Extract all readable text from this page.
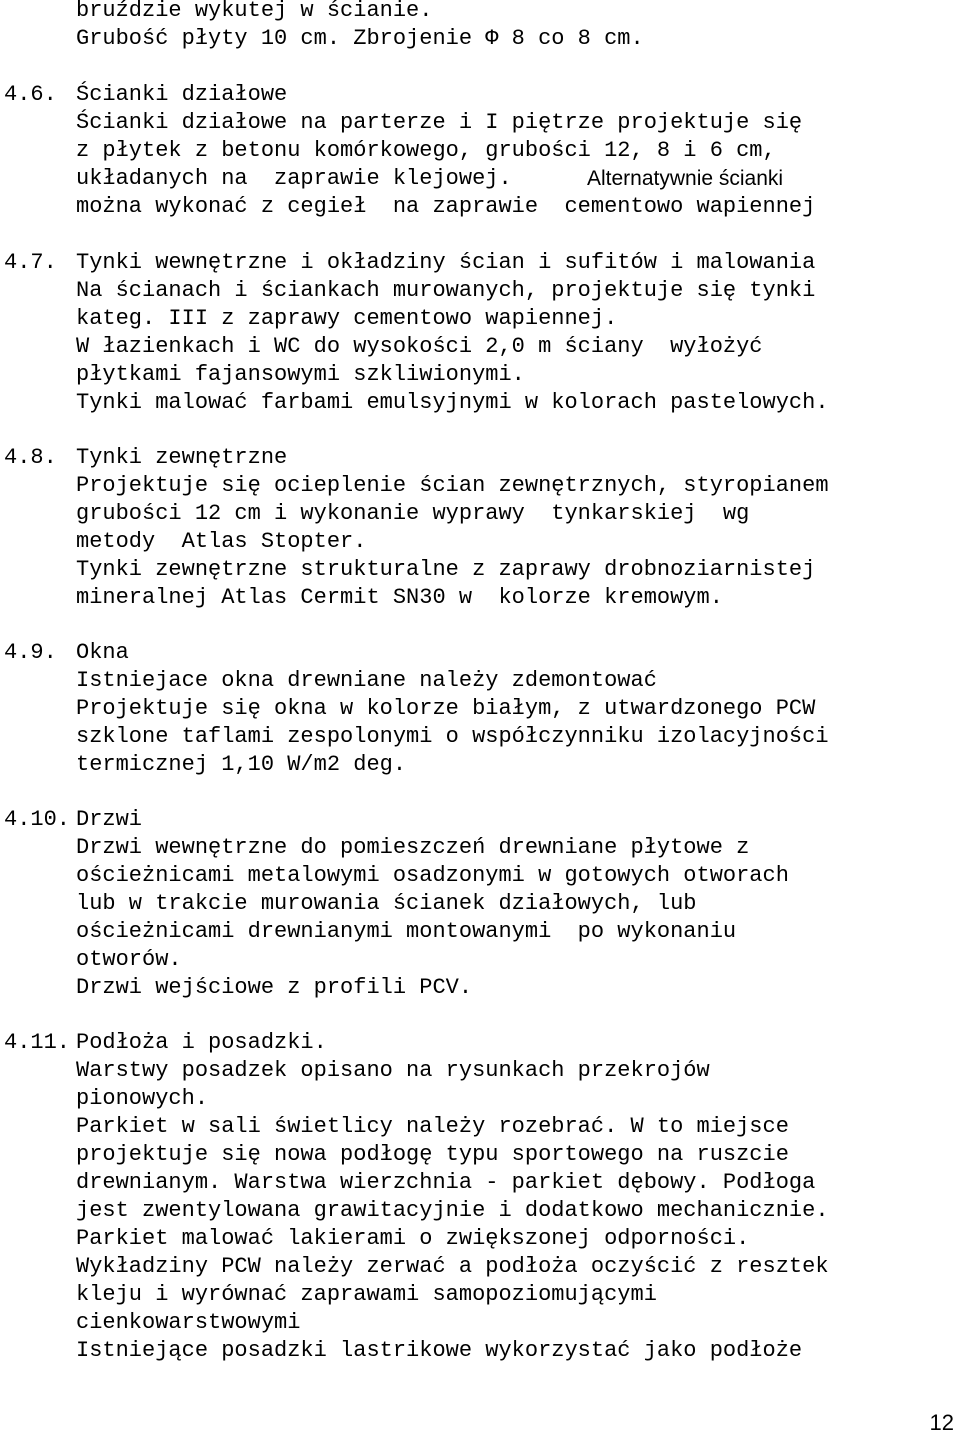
bruździe wykutej w ścianie.

Grubość płyty 10 cm. Zbrojenie Φ 8 co 8 cm.

4.6. Ścianki działowe

Ścianki działowe na parterze i I piętrze projektuje się

z płytek z betonu komórkowego, grubości 12, 8 i 6 cm,

układanych na  zaprawie klejowej.	Alternatywnie ścianki

można wykonać z cegieł  na zaprawie  cementowo wapiennej

4.7. Tynki wewnętrzne i okładziny ścian i sufitów i malowania

Na ścianach i ściankach murowanych, projektuje się tynki

kateg. III z zaprawy cementowo wapiennej.

W łazienkach i WC do wysokości 2,0 m ściany  wyłożyć

płytkami fajansowymi szkliwionymi.

Tynki malować farbami emulsyjnymi w kolorach pastelowych.

4.8. Tynki zewnętrzne

Projektuje się ocieplenie ścian zewnętrznych, styropianem

grubości 12 cm i wykonanie wyprawy  tynkarskiej  wg

metody  Atlas Stopter.

Tynki zewnętrzne strukturalne z zaprawy drobnoziarnistej

mineralnej Atlas Cermit SN30 w  kolorze kremowym.

4.9. Okna

Istniejace okna drewniane należy zdemontować

Projektuje się okna w kolorze białym, z utwardzonego PCW

szklone taflami zespolonymi o współczynniku izolacyjności

termicznej 1,10 W/m2 deg.

4.10. Drzwi

Drzwi wewnętrzne do pomieszczeń drewniane płytowe z

ościeżnicami metalowymi osadzonymi w gotowych otworach

lub w trakcie murowania ścianek działowych, lub

ościeżnicami drewnianymi montowanymi  po wykonaniu

otworów.

Drzwi wejściowe z profili PCV.

4.11. Podłoża i posadzki.

Warstwy posadzek opisano na rysunkach przekrojów

pionowych.

Parkiet w sali świetlicy należy rozebrać. W to miejsce

projektuje się nowa podłogę typu sportowego na ruszcie

drewnianym. Warstwa wierzchnia - parkiet dębowy. Podłoga

jest zwentylowana grawitacyjnie i dodatkowo mechanicznie.

Parkiet malować lakierami o zwiększonej odporności.

Wykładziny PCW należy zerwać a podłoża oczyścić z resztek

kleju i wyrównać zaprawami samopoziomującymi

cienkowarstwowymi

Istniejące posadzki lastrikowe wykorzystać jako podłoże

12
